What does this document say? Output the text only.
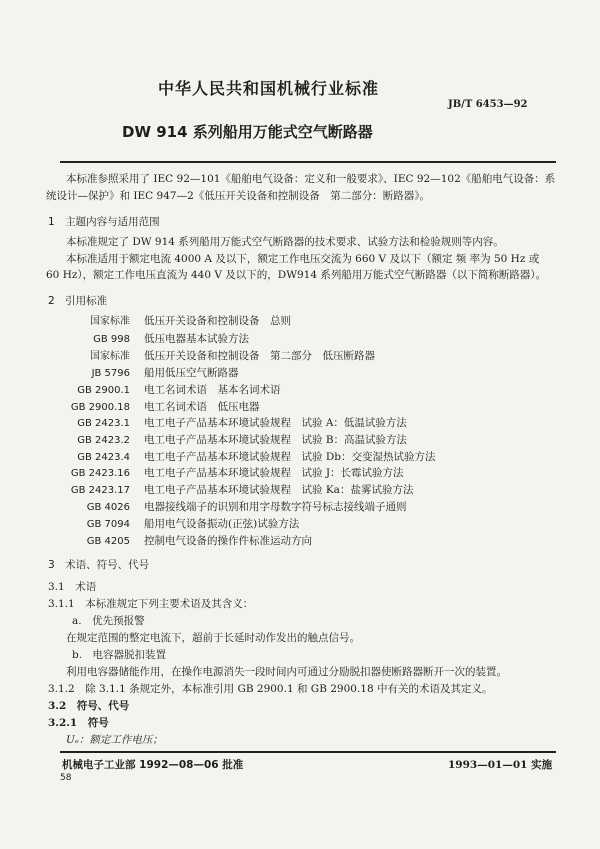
中华人民共和国机械行业标准
JB/T 6453—92
DW 914 系列船用万能式空气断路器
本标准参照采用了 IEC 92—101《船舶电气设备：定义和一般要求》、IEC 92—102《船舶电气设备：系
统设计—保护》和 IEC 947—2《低压开关设备和控制设备　第二部分：断路器》。
1　主题内容与适用范围
本标准规定了 DW 914 系列船用万能式空气断路器的技术要求、试验方法和检验规则等内容。
本标准适用于额定电流 4000 A 及以下，额定工作电压交流为 660 V 及以下（额定 频 率为 50 Hz 或
60 Hz），额定工作电压直流为 440 V 及以下的，DW914 系列船用万能式空气断路器（以下简称断路器）。
2　引用标准
国家标准 低压开关设备和控制设备　总则
GB 998 低压电器基本试验方法
国家标准 低压开关设备和控制设备　第二部分　低压断路器
JB 5796 船用低压空气断路器
GB 2900.1 电工名词术语　基本名词术语
GB 2900.18 电工名词术语　低压电器
GB 2423.1 电工电子产品基本环境试验规程　试验 A：低温试验方法
GB 2423.2 电工电子产品基本环境试验规程　试验 B：高温试验方法
GB 2423.4 电工电子产品基本环境试验规程　试验 Db：交变湿热试验方法
GB 2423.16 电工电子产品基本环境试验规程　试验 J：长霉试验方法
GB 2423.17 电工电子产品基本环境试验规程　试验 Ka：盐雾试验方法
GB 4026 电器接线端子的识别和用字母数字符号标志接线端子通则
GB 7094 船用电气设备振动(正弦)试验方法
GB 4205 控制电气设备的操作件标准运动方向
3　术语、符号、代号
3.1　术语
3.1.1　本标准规定下列主要术语及其含义：
a.　优先预报警
在规定范围的整定电流下，超前于长延时动作发出的触点信号。
b.　电容器脱扣装置
利用电容器储能作用，在操作电源消失一段时间内可通过分励脱扣器使断路器断开一次的装置。
3.1.2　除 3.1.1 条规定外，本标准引用 GB 2900.1 和 GB 2900.18 中有关的术语及其定义。
3.2　符号、代号
3.2.1　符号
Uₑ：额定工作电压；
机械电子工业部 1992—08—06 批准	1993—01—01 实施
58
